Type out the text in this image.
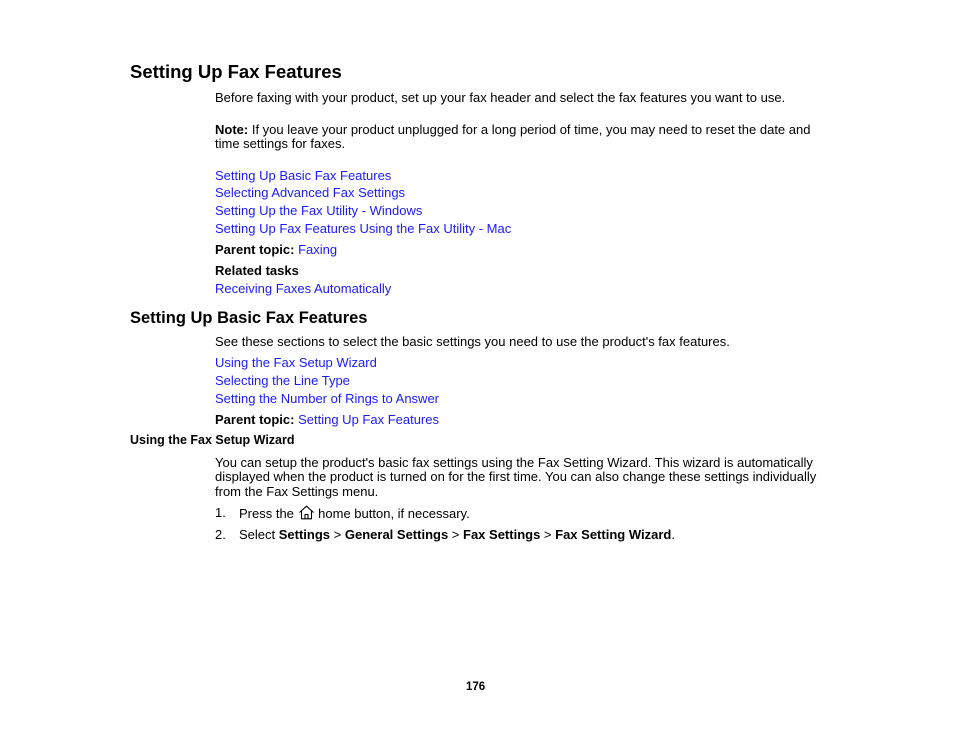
Setting Up Fax Features
Before faxing with your product, set up your fax header and select the fax features you want to use.
Note: If you leave your product unplugged for a long period of time, you may need to reset the date and
time settings for faxes.
Setting Up Basic Fax Features
Selecting Advanced Fax Settings
Setting Up the Fax Utility - Windows
Setting Up Fax Features Using the Fax Utility - Mac
Parent topic: Faxing
Related tasks
Receiving Faxes Automatically
Setting Up Basic Fax Features
See these sections to select the basic settings you need to use the product's fax features.
Using the Fax Setup Wizard
Selecting the Line Type
Setting the Number of Rings to Answer
Parent topic: Setting Up Fax Features
Using the Fax Setup Wizard
You can setup the product's basic fax settings using the Fax Setting Wizard. This wizard is automatically
displayed when the product is turned on for the first time. You can also change these settings individually
from the Fax Settings menu.
1. Press the home button, if necessary.
2. Select Settings > General Settings > Fax Settings > Fax Setting Wizard.
176
